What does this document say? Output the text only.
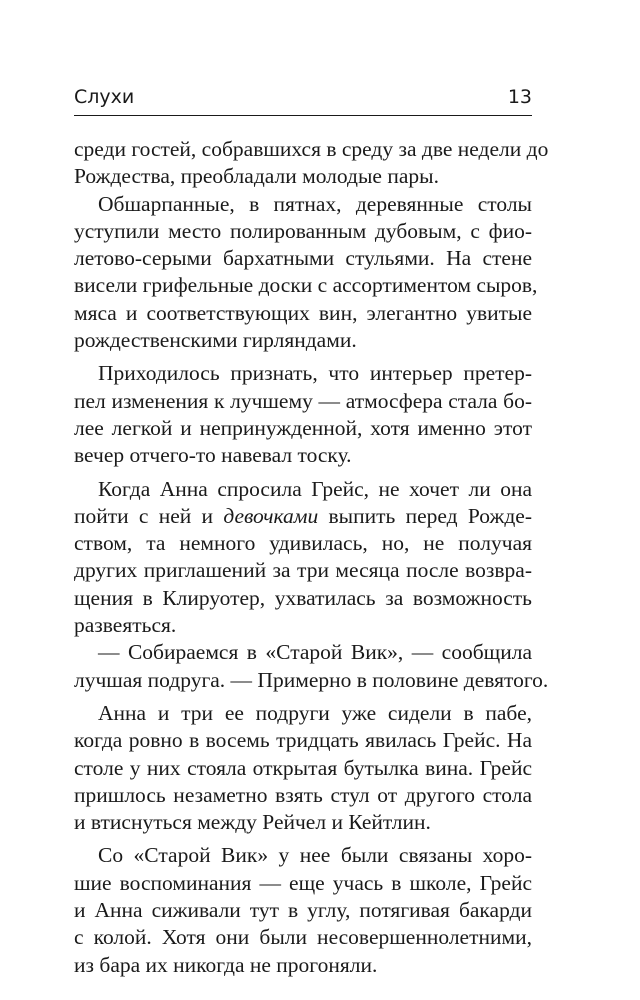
Слухи	13
среди гостей, собравшихся в среду за две недели до
Рождества, преобладали молодые пары.
Обшарпанные, в пятнах, деревянные столы
уступили место полированным дубовым, с фио-
летово-серыми бархатными стульями. На стене
висели грифельные доски с ассортиментом сыров,
мяса и соответствующих вин, элегантно увитые
рождественскими гирляндами.
Приходилось признать, что интерьер претер-
пел изменения к лучшему — атмосфера стала бо-
лее легкой и непринужденной, хотя именно этот
вечер отчего-то навевал тоску.
Когда Анна спросила Грейс, не хочет ли она
пойти с ней и девочками выпить перед Рожде-
ством, та немного удивилась, но, не получая
других приглашений за три месяца после возвра-
щения в Клируотер, ухватилась за возможность
развеяться.
— Собираемся в «Старой Вик», — сообщила
лучшая подруга. — Примерно в половине девятого.
Анна и три ее подруги уже сидели в пабе,
когда ровно в восемь тридцать явилась Грейс. На
столе у них стояла открытая бутылка вина. Грейс
пришлось незаметно взять стул от другого стола
и втиснуться между Рейчел и Кейтлин.
Со «Старой Вик» у нее были связаны хоро-
шие воспоминания — еще учась в школе, Грейс
и Анна сиживали тут в углу, потягивая бакарди
с колой. Хотя они были несовершеннолетними,
из бара их никогда не прогоняли.
